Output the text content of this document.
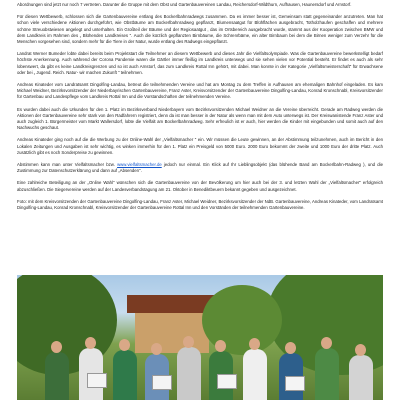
Abordnungen sind jetzt nur noch 7 vertreten. Darunter die Gruppe mit dem Obst und Gartenbauvereinen Landau, Reichersdorf-Wildthurn, Aufhausen, Haunersdorf und Arnstorf.

Für diesen Wettbewerb, schlossen sich die Gartenbauvereine entlang des Bockerlbahnradwegs zusammen. Da es immer besser ist, Gemeinsam statt gegeneinander anzutreten. Man hat schon viele verschiedene Aktionen durchgeführt, wie Obstbäume am Bockerlbahnradweg gepflanzt, Blumensaatgut für Blühflächen ausgebracht, Totholzhaufen geschaffen und mehrere schöne Streuobstwiesen angelegt und unterhalten. Ein Großteil der Bäume und der Regiosaatgut , das im Ortsbereich ausgebracht wurde, stammt aus der Kooperation zwischen BMW und dem Landkreis im Rahmen des „ Blühenden Landkreises ". Auch die kürzlich gepflanzten Birnbäume, die Schrenrbäme, ein alter Birnbaum bei dem die Birnen weniger zum Verzehr für die Menschen vorgesehen sind, sondern mehr für die Tiere in der Natur, wurde entlang des Radwegs eingepflanzt.

Landrat Werner Bumeder lobte dabei bereits beim Projektstart die Teilnehmer an diesem Wettbewerb und dieses Jahr die Vielfaltsolympiade. Was die Gartenbauvereine bewerkstelligt bedarf höchste Anerkennung. Auch während der Corona Pandemie waren die Gärtler immer fleißig im Landkreis unterwegs und sie sehen vielen vor Potential besteht. Er findet es auch als sehr lobenswert, da gibt es keine Landkreisgrenzen und so ist auch Arnstorf, das zum Landkreis Rottal Inn gehört, mit dabei. Man konnte in der Kategorie „Vielfaltsmeisterschaft" für Erwachsene oder bei „ Jugend. Reich. Natur- wir machen Zukunft " teilnehmen.

Andreas Kinateder vom Landratsamt Dingolfing-Landau, betreut die teilnehmenden Vereine und hat am Montag zu dem Treffen in Aufhausen am ehemaligen Bahnhof eingeladen. Es kam Michael Weidner, Bezirksvorsitzender der Niederbayrischen Gartenbauvereine, Franz Aster, Kreisvorsitzender der Gartenbauvereine Dingolfing-Landau, Konrad Kronschnabl, Kreisvorsitzender für Gartenbau und Landespflege vom Landkreis Rottal Inn und die Vorstandschaften der teilnehmenden Vereine.

Es wurden dabei auch die Urkunden für den 1. Platz im Bezirksverband Niederbayern vom Bezirksvorsitzenden Michael Weidner an die Vereine überreicht. Gerade am Radweg werden die Aktionen der Gartenbauvereine sehr stark von den Radfahrern registriert, denn da ist man besser in der Natur als wenn man mit dem Auto unterwegs ist. Der Kreiswanistende Franz Aster und auch zugleich 1. Bürgermeister vom Markt Wallersdorf, lobte die Vielfalt am Bockerlbahnradweg. Sehr erfreulich ist er auch, hier werden die Kinder mit eingebunden und somit auch auf den Nachwuchs geschaut.

Andreas Kinateder ging noch auf die die Werbung zu der Online-Wahl der „Vielfaltsmacher " ein. Wir müssen die Leute gewinnen, an der Abstimmung teilzunehmen, auch im Bericht in den Lokalen Zeitungen und Ausgaben ist sehr wichtig, es winken immerhin für den 1. Platz ein Preisgeld von 5000 Euro. 2000 Euro bekommt der zweite und 1000 Euro der dritte Platz. Auch zusätzlich gibt es noch Sonderpreise zu gewinnen.

Abstimmen kann man unter Vielfaltsmacher bzw. www.vielfaltsmacher.de jedoch nur einmal. Ein Klick auf Ihr Lieblingsobjekt (das blühende Band am Bockerlbahn-Radweg ), und die Zustimmung zur Datenschutzerklärung und dann auf „Absenden".

Eine zahlreiche Beteiligung an der „Online Wahl" wünschen sich die Gartenbauvereine von der Bevölkerung um hier auch bei der 3. und letzten Wahl der „Vielfaltsmacher" erfolgreich abzuschließen. Die Siegervereine werden auf der Landesverbandstagung am 21. Oktober in Benediktbeuern bekannt gegeben und ausgezeichnet.

Foto: mit dem Kreisvorsitzenden der Gartenbauvereine Dingolfing-Landau, Franz Aster, Michael Weidner, Bezirksvorsitzender der NdB. Gartenbauvereine, Andreas Kinateder, vom Landratsamt Dingolfing-Landau, Konrad Kronschnabl, Kreisvorsitzender der Gartenbauvereine Rottal Inn und den Vorständen der teilnehmenden Gartenbauvereine.
